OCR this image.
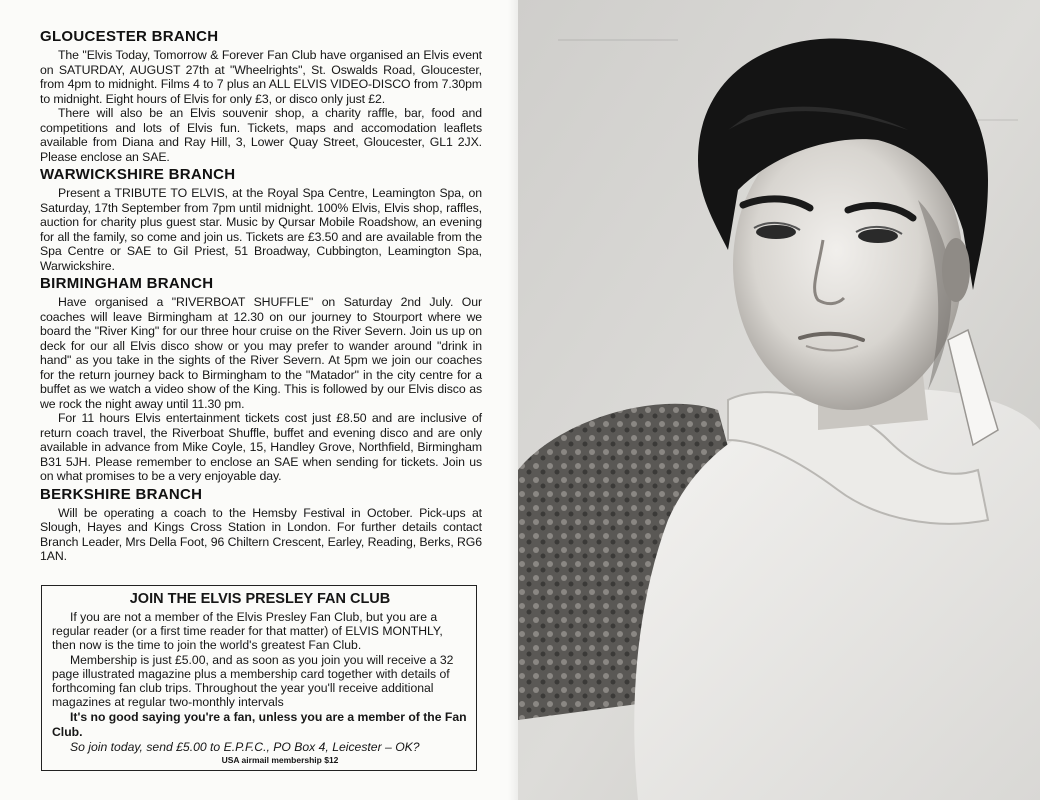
GLOUCESTER BRANCH

The "Elvis Today, Tomorrow & Forever Fan Club have organised an Elvis event on SATURDAY, AUGUST 27th at "Wheelrights", St. Oswalds Road, Gloucester, from 4pm to midnight. Films 4 to 7 plus an ALL ELVIS VIDEO-DISCO from 7.30pm to midnight. Eight hours of Elvis for only £3, or disco only just £2.

There will also be an Elvis souvenir shop, a charity raffle, bar, food and competitions and lots of Elvis fun. Tickets, maps and accomodation leaflets available from Diana and Ray Hill, 3, Lower Quay Street, Gloucester, GL1 2JX. Please enclose an SAE.

WARWICKSHIRE BRANCH

Present a TRIBUTE TO ELVIS, at the Royal Spa Centre, Leamington Spa, on Saturday, 17th September from 7pm until midnight. 100% Elvis, Elvis shop, raffles, auction for charity plus guest star. Music by Qursar Mobile Roadshow, an evening for all the family, so come and join us. Tickets are £3.50 and are available from the Spa Centre or SAE to Gil Priest, 51 Broadway, Cubbington, Leamington Spa, Warwickshire.

BIRMINGHAM BRANCH

Have organised a "RIVERBOAT SHUFFLE" on Saturday 2nd July. Our coaches will leave Birmingham at 12.30 on our journey to Stourport where we board the "River King" for our three hour cruise on the River Severn. Join us up on deck for our all Elvis disco show or you may prefer to wander around "drink in hand" as you take in the sights of the River Severn. At 5pm we join our coaches for the return journey back to Birmingham to the "Matador" in the city centre for a buffet as we watch a video show of the King. This is followed by our Elvis disco as we rock the night away until 11.30 pm.

For 11 hours Elvis entertainment tickets cost just £8.50 and are inclusive of return coach travel, the Riverboat Shuffle, buffet and evening disco and are only available in advance from Mike Coyle, 15, Handley Grove, Northfield, Birmingham B31 5JH. Please remember to enclose an SAE when sending for tickets. Join us on what promises to be a very enjoyable day.

BERKSHIRE BRANCH

Will be operating a coach to the Hemsby Festival in October. Pick-ups at Slough, Hayes and Kings Cross Station in London. For further details contact Branch Leader, Mrs Della Foot, 96 Chiltern Crescent, Earley, Reading, Berks, RG6 1AN.

JOIN THE ELVIS PRESLEY FAN CLUB

If you are not a member of the Elvis Presley Fan Club, but you are a regular reader (or a first time reader for that matter) of ELVIS MONTHLY, then now is the time to join the world's greatest Fan Club.

Membership is just £5.00, and as soon as you join you will receive a 32 page illustrated magazine plus a membership card together with details of forthcoming fan club trips. Throughout the year you'll receive additional magazines at regular two-monthly intervals

It's no good saying you're a fan, unless you are a member of the Fan Club.

So join today, send £5.00 to E.P.F.C., PO Box 4, Leicester – OK?

USA airmail membership $12
